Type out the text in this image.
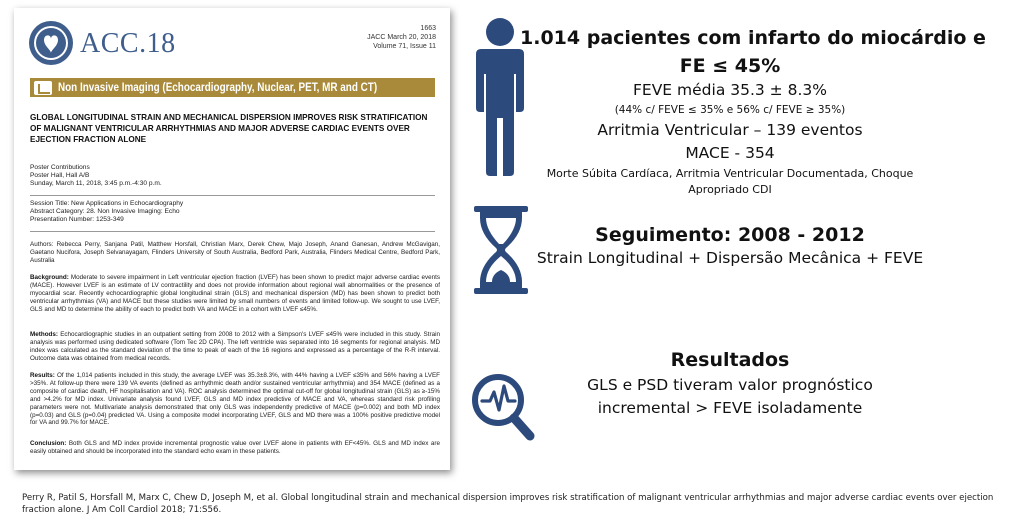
ACC.18	1663
JACC March 20, 2018
Volume 71, Issue 11
Non Invasive Imaging (Echocardiography, Nuclear, PET, MR and CT)
GLOBAL LONGITUDINAL STRAIN AND MECHANICAL DISPERSION IMPROVES RISK STRATIFICATION
OF MALIGNANT VENTRICULAR ARRHYTHMIAS AND MAJOR ADVERSE CARDIAC EVENTS OVER
EJECTION FRACTION ALONE
Poster Contributions
Poster Hall, Hall A/B
Sunday, March 11, 2018, 3:45 p.m.-4:30 p.m.
Session Title: New Applications in Echocardiography
Abstract Category: 28. Non Invasive Imaging: Echo
Presentation Number: 1253-349
Authors: Rebecca Perry, Sanjana Patil, Matthew Horsfall, Christian Marx, Derek Chew, Majo Joseph, Anand Ganesan, Andrew McGavigan, Gaetano Nucifora, Joseph Selvanayagam, Flinders University of South Australia, Bedford Park, Australia, Flinders Medical Centre, Bedford Park, Australia
Background: Moderate to severe impairment in Left ventricular ejection fraction (LVEF) has been shown to predict major adverse cardiac events (MACE). However LVEF is an estimate of LV contractility and does not provide information about regional wall abnormalities or the presence of myocardial scar. Recently echocardiographic global longitudinal strain (GLS) and mechanical dispersion (MD) has been shown to predict both ventricular arrhythmias (VA) and MACE but these studies were limited by small numbers of events and limited follow-up. We sought to use LVEF, GLS and MD to determine the ability of each to predict both VA and MACE in a cohort with LVEF ≤45%.
Methods: Echocardiographic studies in an outpatient setting from 2008 to 2012 with a Simpson's LVEF ≤45% were included in this study. Strain analysis was performed using dedicated software (Tom Tec 2D CPA). The left ventricle was separated into 16 segments for regional analysis. MD index was calculated as the standard deviation of the time to peak of each of the 16 regions and expressed as a percentage of the R-R interval. Outcome data was obtained from medical records.
Results: Of the 1,014 patients included in this study, the average LVEF was 35.3±8.3%, with 44% having a LVEF ≤35% and 56% having a LVEF >35%. At follow-up there were 139 VA events (defined as arrhythmic death and/or sustained ventricular arrhythmia) and 354 MACE (defined as a composite of cardiac death, HF hospitalisation and VA). ROC analysis determined the optimal cut-off for global longitudinal strain (GLS) as ≥-15% and >4.2% for MD index. Univariate analysis found LVEF, GLS and MD index predictive of MACE and VA, whereas standard risk profiling parameters were not. Multivariate analysis demonstrated that only GLS was independently predictive of MACE (p=0.002) and both MD index (p=0.03) and GLS (p=0.04) predicted VA. Using a composite model incorporating LVEF, GLS and MD there was a 100% positive predictive model for VA and 99.7% for MACE.
Conclusion: Both GLS and MD index provide incremental prognostic value over LVEF alone in patients with EF<45%. GLS and MD index are easily obtained and should be incorporated into the standard echo exam in these patients.
1.014 pacientes com infarto do miocárdio e
FE ≤ 45%
FEVE média 35.3 ± 8.3%
(44% c/ FEVE ≤ 35% e 56% c/ FEVE ≥ 35%)
Arritmia Ventricular – 139 eventos
MACE - 354
Morte Súbita Cardíaca, Arritmia Ventricular Documentada, Choque
Apropriado CDI
Seguimento: 2008 - 2012
Strain Longitudinal + Dispersão Mecânica + FEVE
Resultados
GLS e PSD tiveram valor prognóstico
incremental > FEVE isoladamente
Perry R, Patil S, Horsfall M, Marx C, Chew D, Joseph M, et al. Global longitudinal strain and mechanical dispersion improves risk stratification of malignant ventricular arrhythmias and major adverse cardiac events over ejection fraction alone. J Am Coll Cardiol 2018; 71:S56.
